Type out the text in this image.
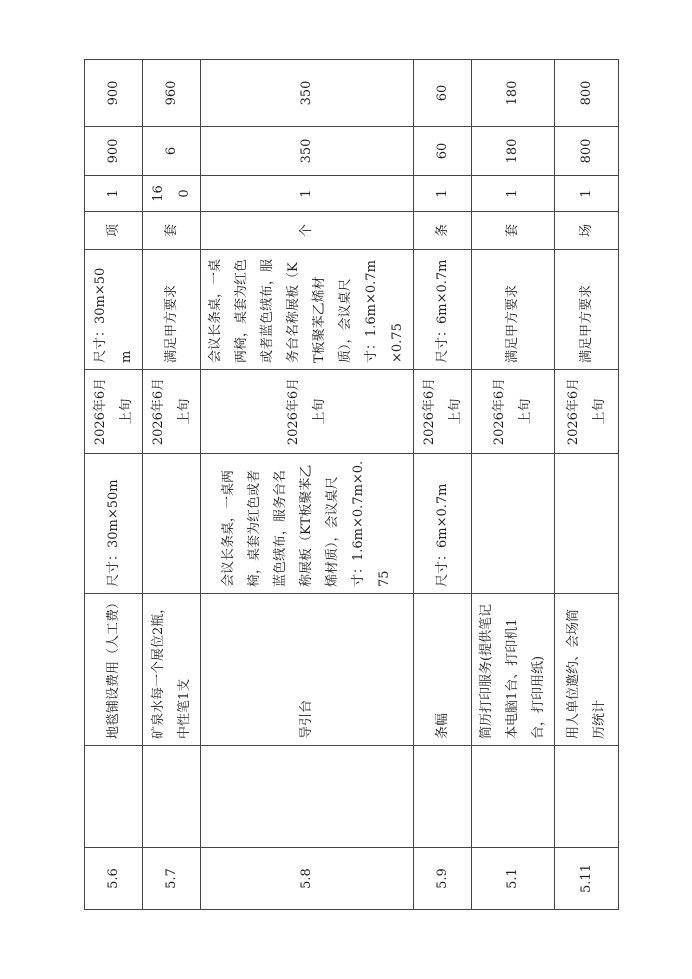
5.6		地毯铺设费用（人工费）	尺寸：30m×50m	2026年6月上旬	尺寸：30m×50m	项	1	900	900	
5.7		矿泉水每一个展位2瓶，中性笔1支		2026年6月上旬	满足甲方要求	套	160	6	960	
5.8		导引台	会议长条桌，一桌两椅，桌套为红色或者蓝色绒布，服务台名称展板（KT板聚苯乙烯材质），会议桌尺寸：1.6m×0.7m×0.75	2026年6月上旬	会议长条桌，一桌两椅，桌套为红色或者蓝色绒布，服务台名称展板（KT板聚苯乙烯材质），会议桌尺寸：1.6m×0.7m×0.75	个	1	350	350	
5.9		条幅	尺寸：6m×0.7m	2026年6月上旬	尺寸：6m×0.7m	条	1	60	60	
5.1		简历打印服务(提供笔记本电脑1台、打印机1台，打印用纸)		2026年6月上旬	满足甲方要求	套	1	180	180	
5.11		用人单位邀约、会场简历统计		2026年6月上旬	满足甲方要求	场	1	800	800	
